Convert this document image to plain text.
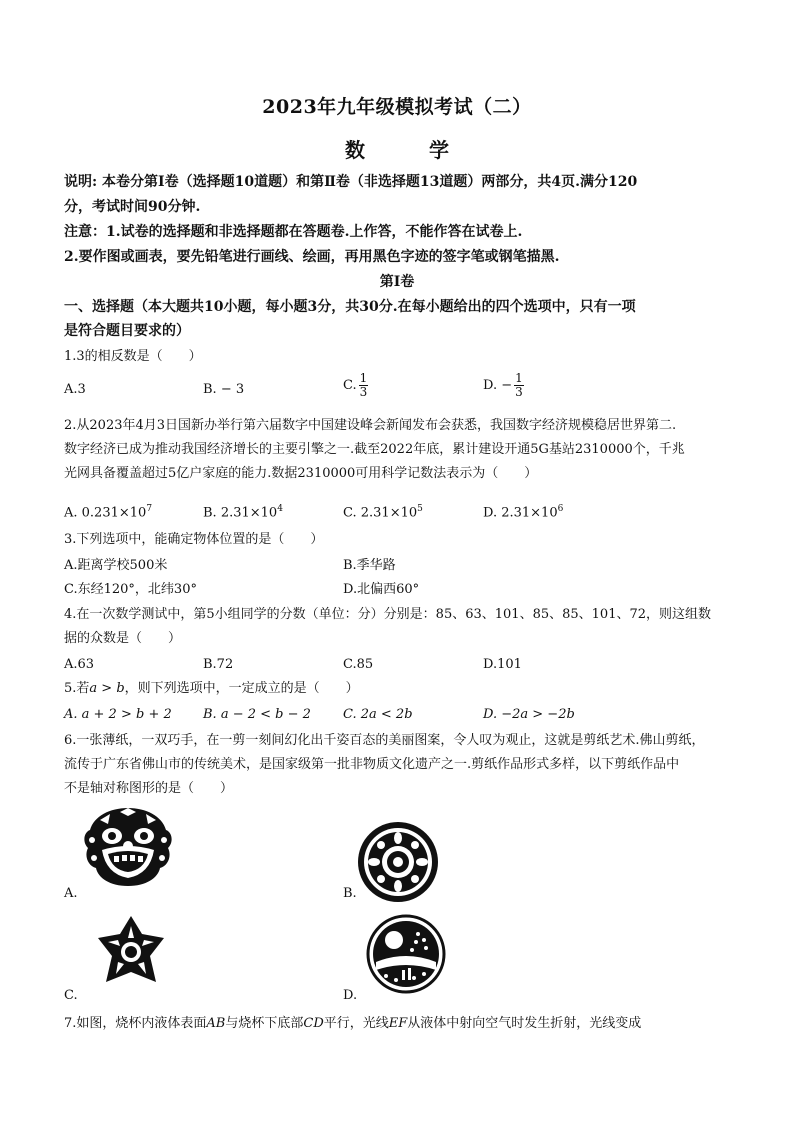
2023年九年级模拟考试（二）
数　学
说明: 本卷分第Ⅰ卷（选择题10道题）和第Ⅱ卷（非选择题13道题）两部分，共4页.满分120
分，考试时间90分钟.
注意：1.试卷的选择题和非选择题都在答题卷.上作答，不能作答在试卷上.
2.要作图或画表，要先铅笔进行画线、绘画，再用黑色字迹的签字笔或钢笔描黑.
第Ⅰ卷
一、选择题（本大题共10小题，每小题3分，共30分.在每小题给出的四个选项中，只有一项
是符合题目要求的）
1.3的相反数是（　　）
A.3	B. − 3	C. $\frac{1}{3}$	D. − $\frac{1}{3}$
2.从2023年4月3日国新办举行第六届数字中国建设峰会新闻发布会获悉，我国数字经济规模稳居世界第二.
数字经济已成为推动我国经济增长的主要引擎之一.截至2022年底，累计建设开通5G基站2310000个，千兆
光网具备覆盖超过5亿户家庭的能力.数据2310000可用科学记数法表示为（　　）
A. $0.231\times 10^7$	B. $2.31\times 10^4$	C. $2.31\times 10^5$	D. $2.31\times 10^6$
3.下列选项中，能确定物体位置的是（　　）
A.距离学校500米	B.季华路
C.东经120°，北纬30°	D.北偏西60°
4.在一次数学测试中，第5小组同学的分数（单位：分）分别是：85、63、101、85、85、101、72，则这组数
据的众数是（　　）
A.63	B.72	C.85	D.101
5.若a > b，则下列选项中，一定成立的是（　　）
A. a + 2 > b + 2 B. a − 2 < b − 2 C. 2a < 2b	D. −2a > −2b
6.一张薄纸，一双巧手，在一剪一刻间幻化出千姿百态的美丽图案，令人叹为观止，这就是剪纸艺术.佛山剪纸，
流传于广东省佛山市的传统美术，是国家级第一批非物质文化遗产之一.剪纸作品形式多样，以下剪纸作品中
不是轴对称图形的是（　　）
A.	B.
C.	D.
7.如图，烧杯内液体表面AB与烧杯下底部CD平行，光线EF从液体中射向空气时发生折射，光线变成
